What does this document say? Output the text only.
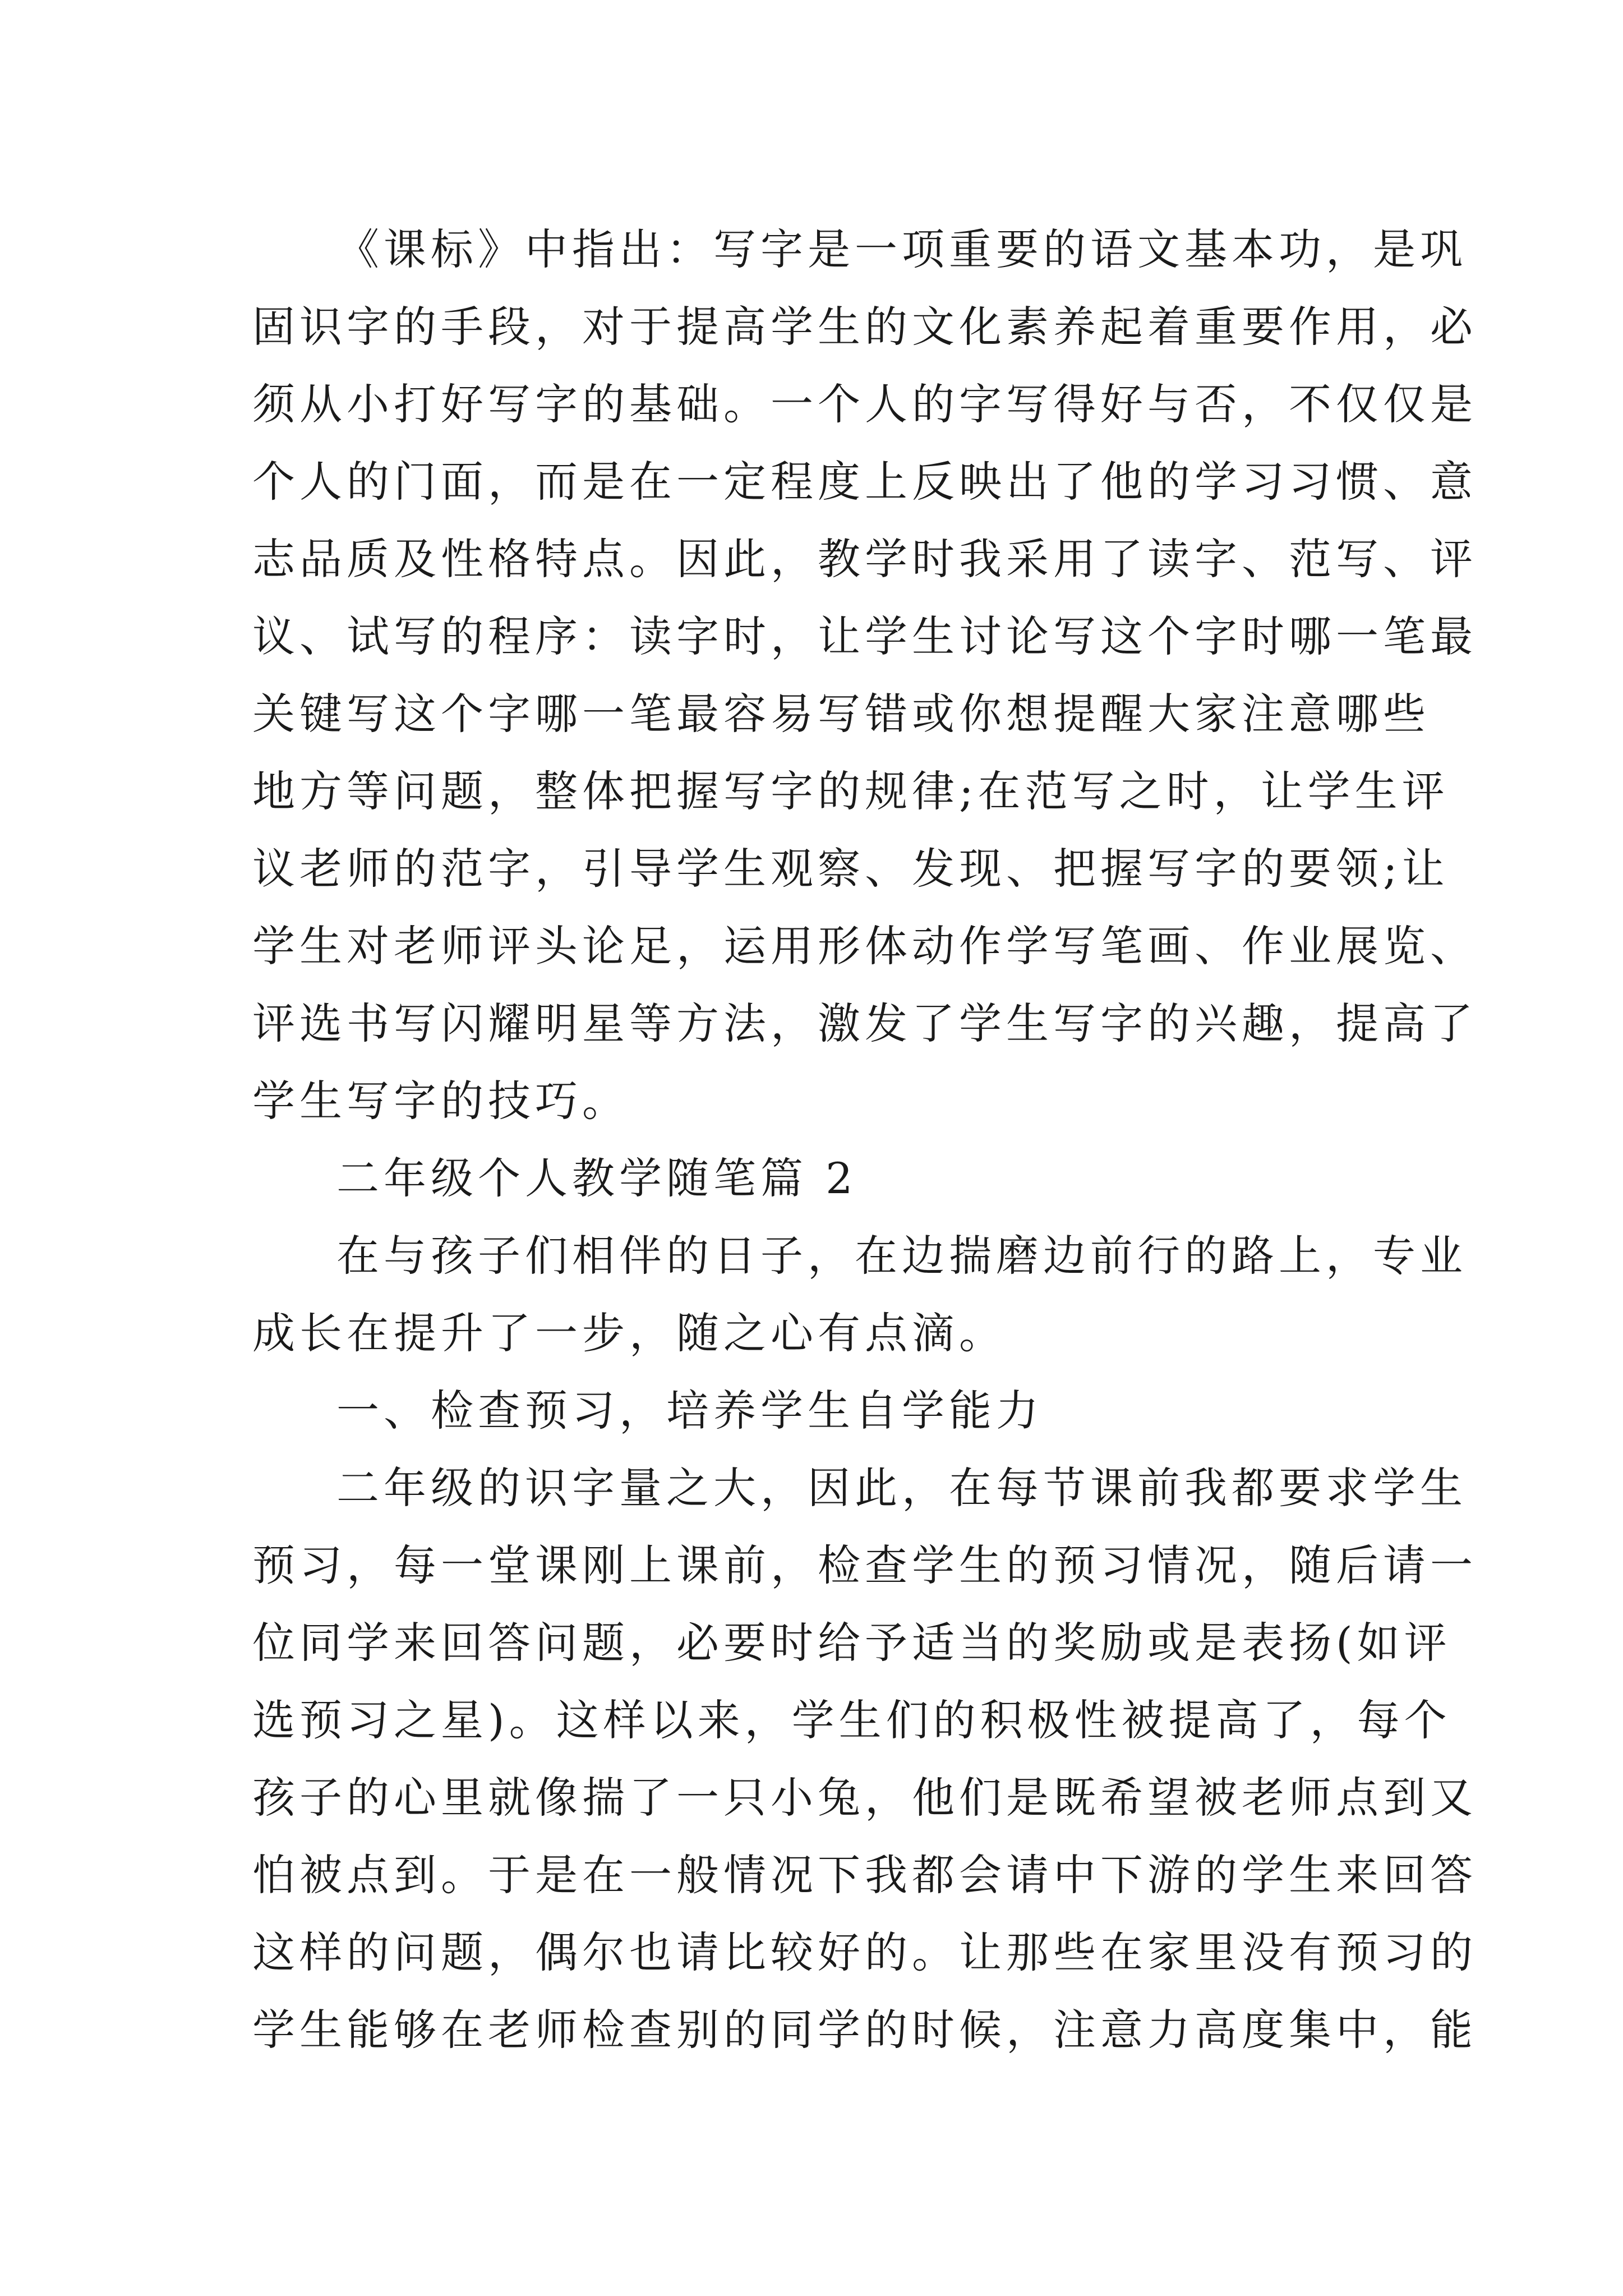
《课标》中指出：写字是一项重要的语文基本功，是巩
固识字的手段，对于提高学生的文化素养起着重要作用，必
须从小打好写字的基础。一个人的字写得好与否，不仅仅是
个人的门面，而是在一定程度上反映出了他的学习习惯、意
志品质及性格特点。因此，教学时我采用了读字、范写、评
议、试写的程序：读字时，让学生讨论写这个字时哪一笔最
关键写这个字哪一笔最容易写错或你想提醒大家注意哪些
地方等问题，整体把握写字的规律;在范写之时，让学生评
议老师的范字，引导学生观察、发现、把握写字的要领;让
学生对老师评头论足，运用形体动作学写笔画、作业展览、
评选书写闪耀明星等方法，激发了学生写字的兴趣，提高了
学生写字的技巧。
二年级个人教学随笔篇 2
在与孩子们相伴的日子，在边揣磨边前行的路上，专业
成长在提升了一步，随之心有点滴。
一、检查预习，培养学生自学能力
二年级的识字量之大，因此，在每节课前我都要求学生
预习，每一堂课刚上课前，检查学生的预习情况，随后请一
位同学来回答问题，必要时给予适当的奖励或是表扬(如评
选预习之星)。这样以来，学生们的积极性被提高了，每个
孩子的心里就像揣了一只小兔，他们是既希望被老师点到又
怕被点到。于是在一般情况下我都会请中下游的学生来回答
这样的问题，偶尔也请比较好的。让那些在家里没有预习的
学生能够在老师检查别的同学的时候，注意力高度集中，能
